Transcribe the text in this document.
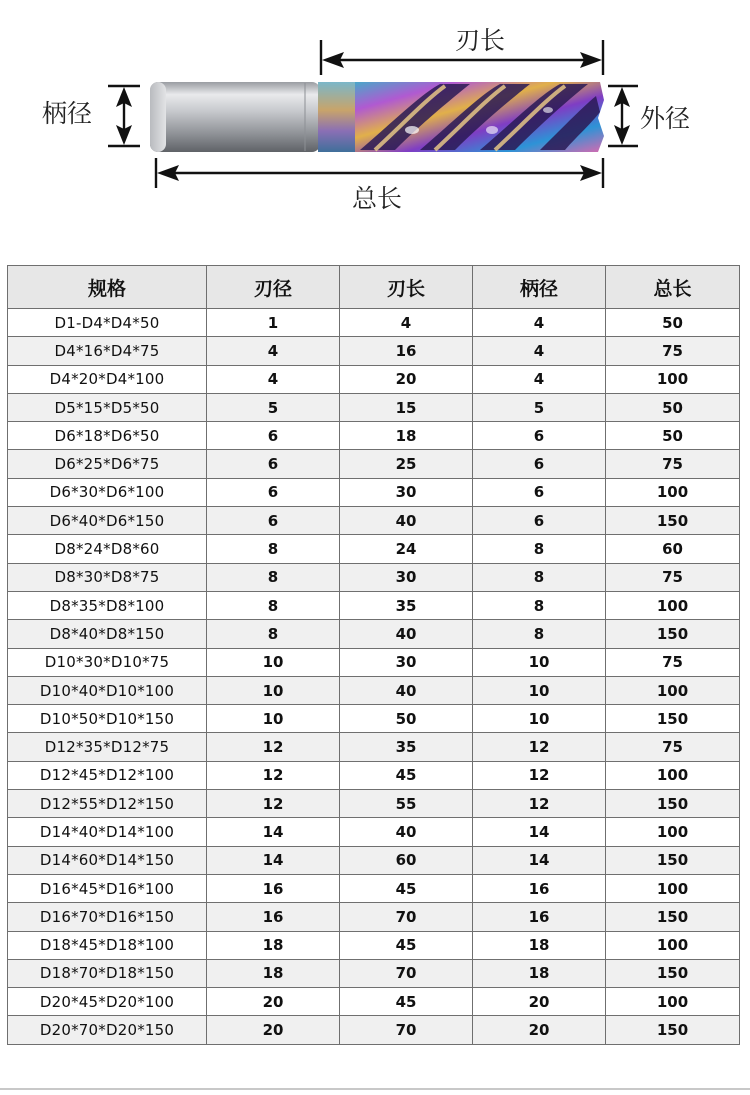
柄径
刃长
外径
总长
规格	刃径	刃长	柄径	总长
D1-D4*D4*50	1	4	4	50
D4*16*D4*75	4	16	4	75
D4*20*D4*100	4	20	4	100
D5*15*D5*50	5	15	5	50
D6*18*D6*50	6	18	6	50
D6*25*D6*75	6	25	6	75
D6*30*D6*100	6	30	6	100
D6*40*D6*150	6	40	6	150
D8*24*D8*60	8	24	8	60
D8*30*D8*75	8	30	8	75
D8*35*D8*100	8	35	8	100
D8*40*D8*150	8	40	8	150
D10*30*D10*75	10	30	10	75
D10*40*D10*100	10	40	10	100
D10*50*D10*150	10	50	10	150
D12*35*D12*75	12	35	12	75
D12*45*D12*100	12	45	12	100
D12*55*D12*150	12	55	12	150
D14*40*D14*100	14	40	14	100
D14*60*D14*150	14	60	14	150
D16*45*D16*100	16	45	16	100
D16*70*D16*150	16	70	16	150
D18*45*D18*100	18	45	18	100
D18*70*D18*150	18	70	18	150
D20*45*D20*100	20	45	20	100
D20*70*D20*150	20	70	20	150
